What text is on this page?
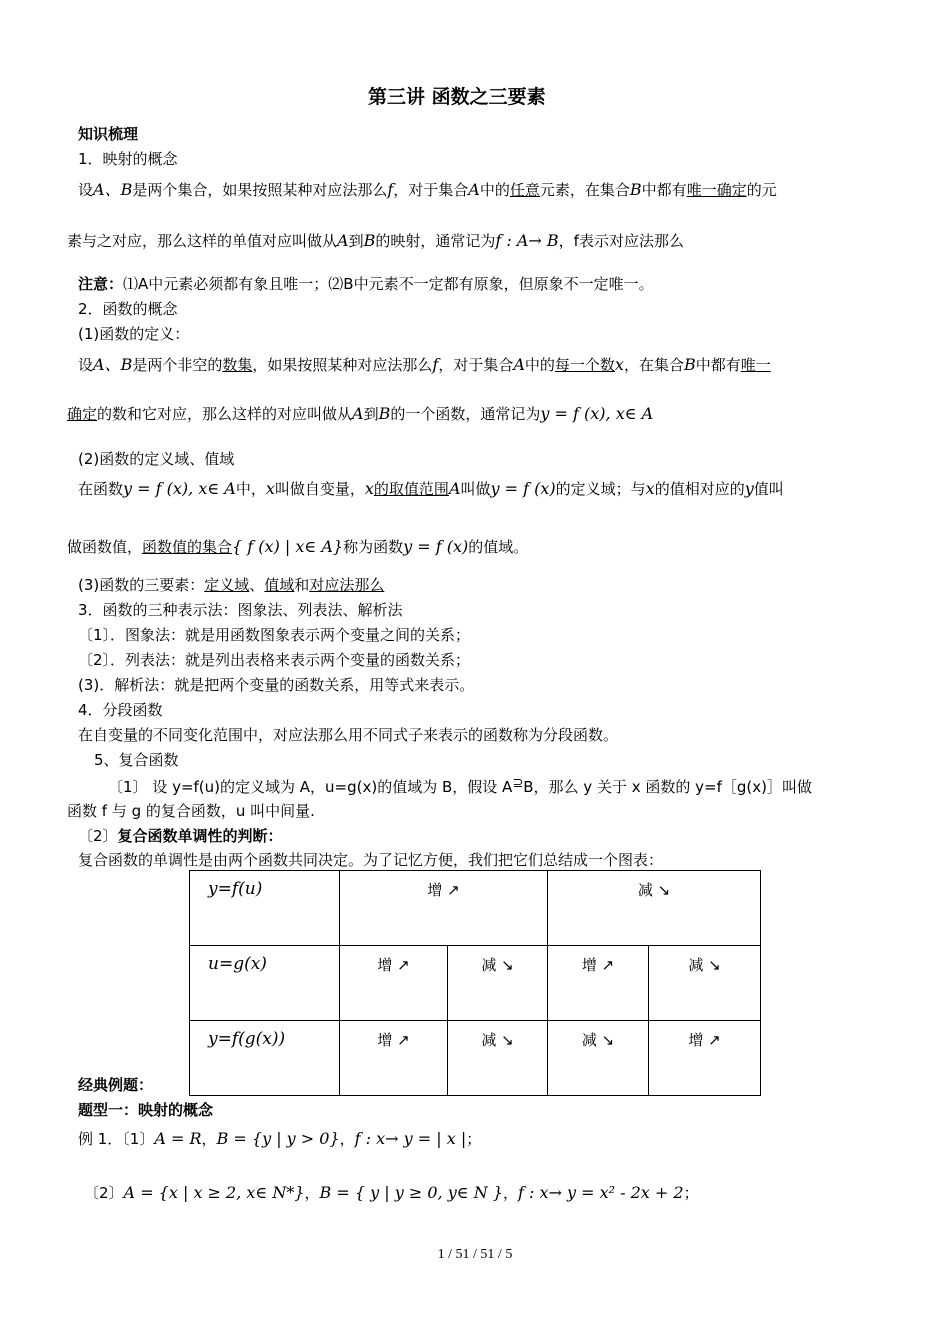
第三讲 函数之三要素
知识梳理
1．映射的概念
设A、B是两个集合，如果按照某种对应法那么f，对于集合A中的任意元素，在集合B中都有唯一确定的元
素与之对应，那么这样的单值对应叫做从A到B的映射，通常记为f : A→ B，f表示对应法那么
注意：⑴A中元素必须都有象且唯一；⑵B中元素不一定都有原象，但原象不一定唯一。
2．函数的概念
(1)函数的定义：
设A、B是两个非空的数集，如果按照某种对应法那么f，对于集合A中的每一个数x，在集合B中都有唯一
确定的数和它对应，那么这样的对应叫做从A到B的一个函数，通常记为y = f (x), x∈ A
(2)函数的定义域、值域
在函数y = f (x), x∈ A中，x叫做自变量，x的取值范围A叫做y = f (x)的定义域；与x的值相对应的y值叫
做函数值，函数值的集合{ f (x) | x∈ A}称为函数y = f (x)的值域。
(3)函数的三要素：定义域、值域和对应法那么
3．函数的三种表示法：图象法、列表法、解析法
〔1〕．图象法：就是用函数图象表示两个变量之间的关系；
〔2〕．列表法：就是列出表格来表示两个变量的函数关系；
(3)．解析法：就是把两个变量的函数关系，用等式来表示。
4．分段函数
在自变量的不同变化范围中，对应法那么用不同式子来表示的函数称为分段函数。
5、复合函数
〔1〕 设 y=f(u)的定义域为 A，u=g(x)的值域为 B，假设 A⊇B，那么 y 关于 x 函数的 y=f［g(x)］叫做
函数 f 与 g 的复合函数，u 叫中间量.
〔2〕复合函数单调性的判断：
复合函数的单调性是由两个函数共同决定。为了记忆方便，我们把它们总结成一个图表：
y=f(u)	增 ↗		减 ↘	
u=g(x)	增 ↗	减 ↘	增 ↗	减 ↘
y=f(g(x))	增 ↗	减 ↘	减 ↘	增 ↗
经典例题：
题型一：映射的概念
例 1．〔1〕A = R，B = {y | y > 0}，f : x→ y = | x |；
〔2〕A = {x | x ≥ 2, x∈ N*}，B = { y | y ≥ 0, y∈ N }，f : x→ y = x² - 2x + 2；
1 / 51 / 51 / 5
